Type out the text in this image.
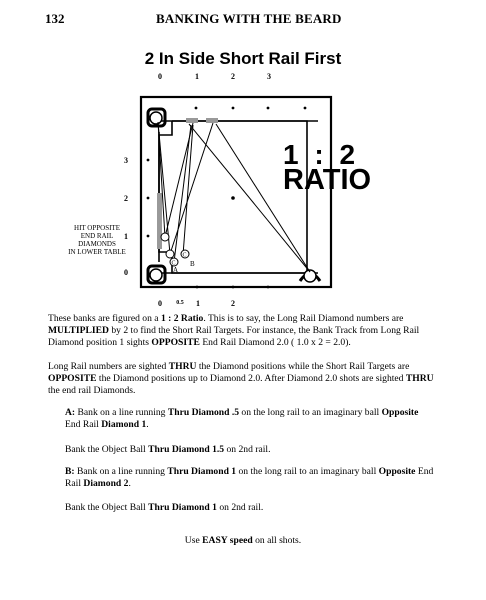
132	BANKING WITH THE BEARD
2 In Side Short Rail First
C
C
A
B
0	1	2	3
3
2
1
0
0 0.5 1	2
HIT OPPOSITE
END RAIL
DIAMONDS
IN LOWER TABLE
1 : 2
RATIO
These banks are figured on a 1 : 2 Ratio. This is to say, the Long Rail Diamond numbers are MULTIPLIED by 2 to find the Short Rail Targets. For instance, the Bank Track from Long Rail Diamond position 1 sights OPPOSITE End Rail Diamond 2.0 ( 1.0 x 2 = 2.0).
Long Rail numbers are sighted THRU the Diamond positions while the Short Rail Targets are OPPOSITE the Diamond positions up to Diamond 2.0. After Diamond 2.0 shots are sighted THRU the end rail Diamonds.
A: Bank on a line running Thru Diamond .5 on the long rail to an imaginary ball Opposite End Rail Diamond 1.
Bank the Object Ball Thru Diamond 1.5 on 2nd rail.
B: Bank on a line running Thru Diamond 1 on the long rail to an imaginary ball Opposite End Rail Diamond 2.
Bank the Object Ball Thru Diamond 1 on 2nd rail.
Use EASY speed on all shots.
